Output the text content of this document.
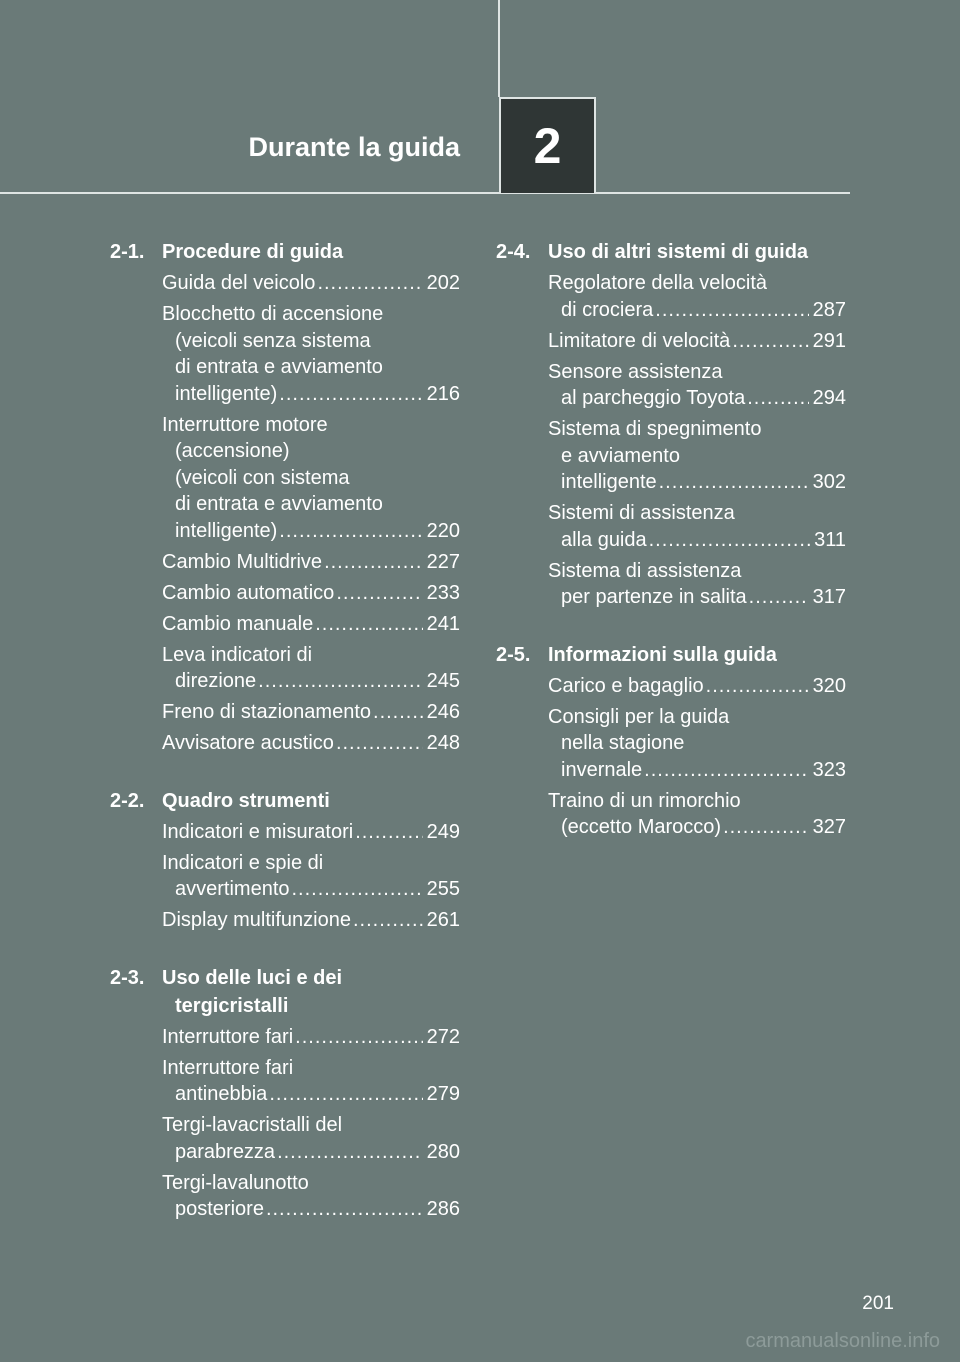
Durante la guida 2
2-1. Procedure di guida
Guida del veicolo .....	202
Blocchetto di accensione
(veicoli senza sistema
di entrata e avviamento
intelligente) .....	216
Interruttore motore
(accensione)
(veicoli con sistema
di entrata e avviamento
intelligente) .....	220
Cambio Multidrive .....	227
Cambio automatico .....	233
Cambio manuale .....	241
Leva indicatori di
direzione .....	245
Freno di stazionamento .....	246
Avvisatore acustico .....	248
2-2. Quadro strumenti
Indicatori e misuratori .....	249
Indicatori e spie di
avvertimento .....	255
Display multifunzione .....	261
2-3. Uso delle luci e dei
tergicristalli
Interruttore fari .....	272
Interruttore fari
antinebbia .....	279
Tergi-lavacristalli del
parabrezza .....	280
Tergi-lavalunotto
posteriore .....	286
2-4. Uso di altri sistemi di guida
Regolatore della velocità
di crociera .....	287
Limitatore di velocità .....	291
Sensore assistenza
al parcheggio Toyota .....	294
Sistema di spegnimento
e avviamento
intelligente .....	302
Sistemi di assistenza
alla guida .....	311
Sistema di assistenza
per partenze in salita .....	317
2-5. Informazioni sulla guida
Carico e bagaglio .....	320
Consigli per la guida
nella stagione
invernale .....	323
Traino di un rimorchio
(eccetto Marocco) .....	327
201
carmanualsonline.info
